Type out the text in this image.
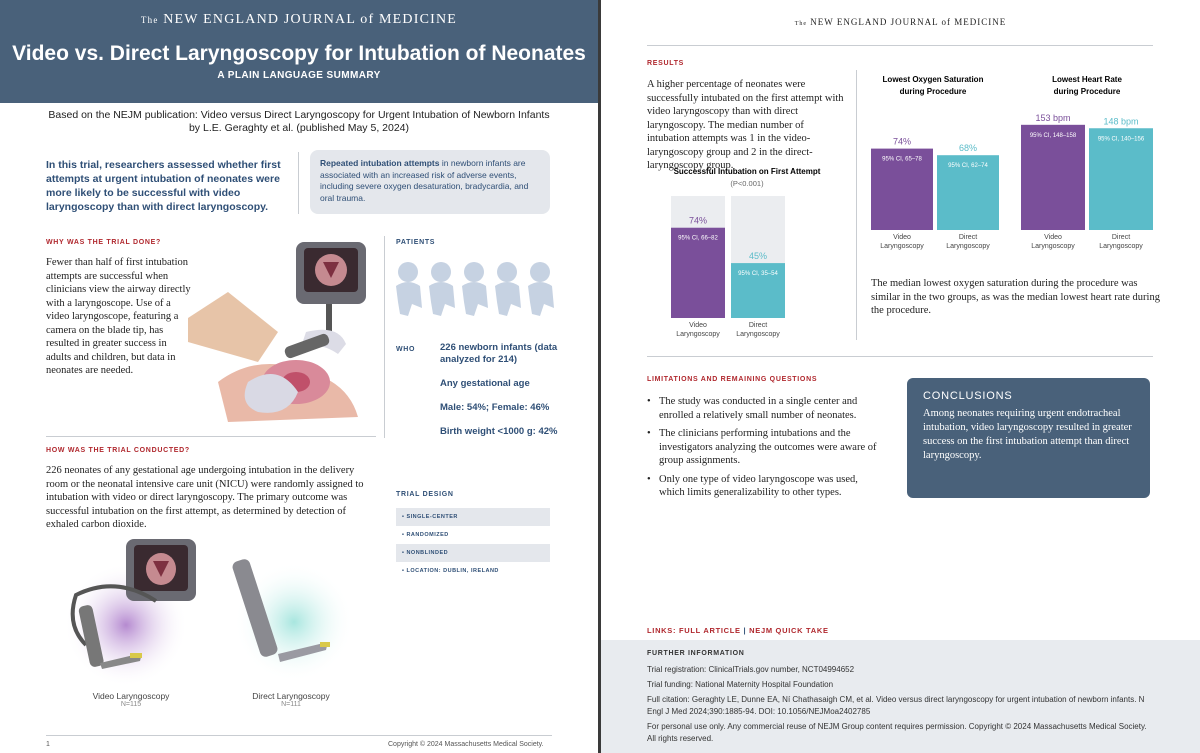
The NEW ENGLAND JOURNAL of MEDICINE
Video vs. Direct Laryngoscopy for Intubation of Neonates
A PLAIN LANGUAGE SUMMARY
Based on the NEJM publication: Video versus Direct Laryngoscopy for Urgent Intubation of Newborn Infants
by L.E. Geraghty et al. (published May 5, 2024)
In this trial, researchers assessed whether first attempts at urgent intubation of neonates were more likely to be successful with video laryngoscopy than with direct laryngoscopy.
Repeated intubation attempts in newborn infants are associated with an increased risk of adverse events, including severe oxygen desaturation, bradycardia, and oral trauma.
WHY WAS THE TRIAL DONE?
Fewer than half of first intubation attempts are successful when clinicians view the airway directly with a laryngoscope. Use of a video laryngoscope, featuring a camera on the blade tip, has resulted in greater success in adults and children, but data in neonates are needed.
PATIENTS
WHO	226 newborn infants (data analyzed for 214)
Any gestational age
Male: 54%; Female: 46%
Birth weight <1000 g: 42%
HOW WAS THE TRIAL CONDUCTED?
226 neonates of any gestational age undergoing intubation in the delivery room or the neonatal intensive care unit (NICU) were randomly assigned to intubation with video or direct laryngoscopy. The primary outcome was successful intubation on the first attempt, as determined by detection of exhaled carbon dioxide.
TRIAL DESIGN
• SINGLE-CENTER
• RANDOMIZED
• NONBLINDED
• LOCATION: DUBLIN, IRELAND
Video Laryngoscopy
N=115
Direct Laryngoscopy
N=111
1	Copyright © 2024 Massachusetts Medical Society.
The NEW ENGLAND JOURNAL of MEDICINE
RESULTS
A higher percentage of neonates were successfully intubated on the first attempt with video laryngoscopy than with direct laryngoscopy. The median number of intubation attempts was 1 in the video-laryngoscopy group and 2 in the direct-laryngoscopy group.
Successful Intubation on First Attempt
(P<0.001)
74%
95% CI, 66–82
Video
Laryngoscopy
45%
95% CI, 35–54
Direct
Laryngoscopy
Lowest Oxygen Saturation
during Procedure
74%
95% CI, 65–78
Video
Laryngoscopy
68%
95% CI, 62–74
Direct
Laryngoscopy
Lowest Heart Rate
during Procedure
153 bpm
95% CI, 148–158
Video
Laryngoscopy
148 bpm
95% CI, 140–156
Direct
Laryngoscopy
The median lowest oxygen saturation during the procedure was similar in the two groups, as was the median lowest heart rate during the procedure.
LIMITATIONS AND REMAINING QUESTIONS
• The study was conducted in a single center and enrolled a relatively small number of neonates.
• The clinicians performing intubations and the investigators analyzing the outcomes were aware of group assignments.
• Only one type of video laryngoscope was used, which limits generalizability to other types.
CONCLUSIONS
Among neonates requiring urgent endotracheal intubation, video laryngoscopy resulted in greater success on the first intubation attempt than direct laryngoscopy.
LINKS: FULL ARTICLE | NEJM QUICK TAKE
FURTHER INFORMATION
Trial registration: ClinicalTrials.gov number, NCT04994652
Trial funding: National Maternity Hospital Foundation
Full citation: Geraghty LE, Dunne EA, Ní Chathasaigh CM, et al. Video versus direct laryngoscopy for urgent intubation of newborn infants. N Engl J Med 2024;390:1885-94. DOI: 10.1056/NEJMoa2402785
For personal use only. Any commercial reuse of NEJM Group content requires permission. Copyright © 2024 Massachusetts Medical Society. All rights reserved.
